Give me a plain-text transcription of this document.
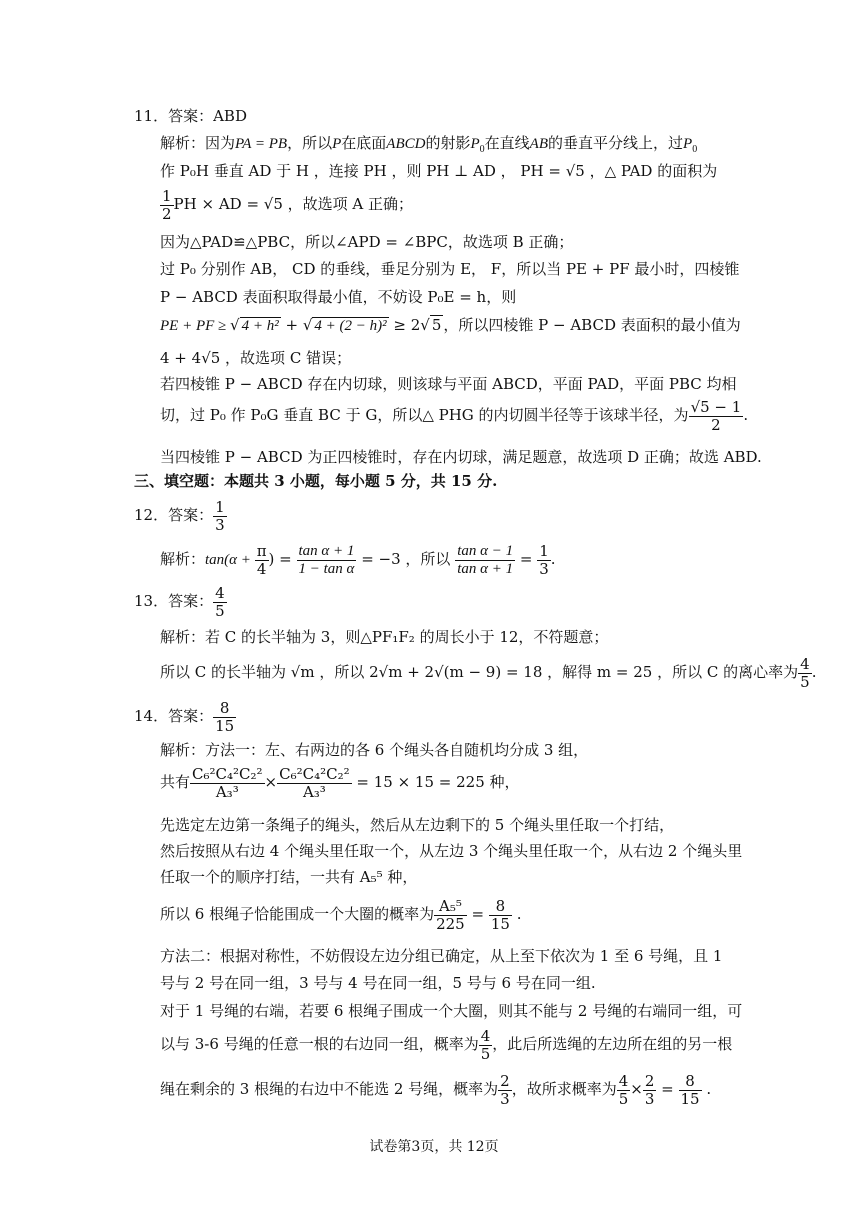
11．答案：ABD
解析：因为PA = PB，所以P在底面ABCD的射影$P_0$在直线AB的垂直平分线上，过$P_0$
作 P₀H 垂直 AD 于 H ，连接 PH ，则 PH ⊥ AD ， PH = √5 ，△ PAD 的面积为
$\frac{1}{2}$ PH × AD = √5 ，故选项 A 正确；
因为△PAD≌△PBC，所以∠APD = ∠BPC，故选项 B 正确；
过 P₀ 分别作 AB， CD 的垂线，垂足分别为 E， F，所以当 PE + PF 最小时，四棱锥
P − ABCD 表面积取得最小值，不妨设 P₀E = h，则
PE + PF ≥ √ 4 + h² + √ 4 + (2 − h)² ≥ 2√ 5 ，所以四棱锥 P − ABCD 表面积的最小值为
4 + 4√5 ，故选项 C 错误；
若四棱锥 P − ABCD 存在内切球，则该球与平面 ABCD，平面 PAD，平面 PBC 均相
切，过 P₀ 作 P₀G 垂直 BC 于 G，所以△ PHG 的内切圆半径等于该球半径，为 $\frac{√5 - 1}{2}$ .
当四棱锥 P − ABCD 为正四棱锥时，存在内切球，满足题意，故选项 D 正确；故选 ABD.
三、填空题：本题共 3 小题，每小题 5 分，共 15 分.
12．答案： $\frac{1}{3}$
解析：$\tan(\alpha + \frac{\pi}{4}$ ) = $\frac{\text{tan α + 1}}{\text{1 − tan α}} = -3$ ，所以 $\frac{\text{tan α − 1}}{\text{tan α + 1}} = \frac{1}{3}$ .
13．答案： $\frac{4}{5}$
解析：若 C 的长半轴为 3，则△PF₁F₂ 的周长小于 12，不符题意；
所以 C 的长半轴为 √m ，所以 2√m + 2√(m − 9) = 18 ，解得 m = 25 ，所以 C 的离心率为 $\frac{4}{5}$ .
14．答案： $\frac{8}{15}$
解析：方法一：左、右两边的各 6 个绳头各自随机均分成 3 组，
共有 $\frac{\text{C₆²C₄²C₂²}}{\text{A₃³}} \times \frac{\text{C₆²C₄²C₂²}}{\text{A₃³}} = 15 \times 15 = 225$ 种，
先选定左边第一条绳子的绳头，然后从左边剩下的 5 个绳头里任取一个打结，
然后按照从右边 4 个绳头里任取一个，从左边 3 个绳头里任取一个，从右边 2 个绳头里
任取一个的顺序打结，一共有 A₅⁵ 种，
所以 6 根绳子恰能围成一个大圈的概率为 $\frac{\text{A₅⁵}}{225} = \frac{8}{15}$ .
方法二：根据对称性，不妨假设左边分组已确定，从上至下依次为 1 至 6 号绳，且 1
号与 2 号在同一组，3 号与 4 号在同一组，5 号与 6 号在同一组.
对于 1 号绳的右端，若要 6 根绳子围成一个大圈，则其不能与 2 号绳的右端同一组，可
以与 3-6 号绳的任意一根的右边同一组，概率为 $\frac{4}{5}$ ，此后所选绳的左边所在组的另一根
绳在剩余的 3 根绳的右边中不能选 2 号绳，概率为 $\frac{2}{3}$ ，故所求概率为 $\frac{4}{5} \times \frac{2}{3} = \frac{8}{15}$ .
试卷第3页，共 12页
